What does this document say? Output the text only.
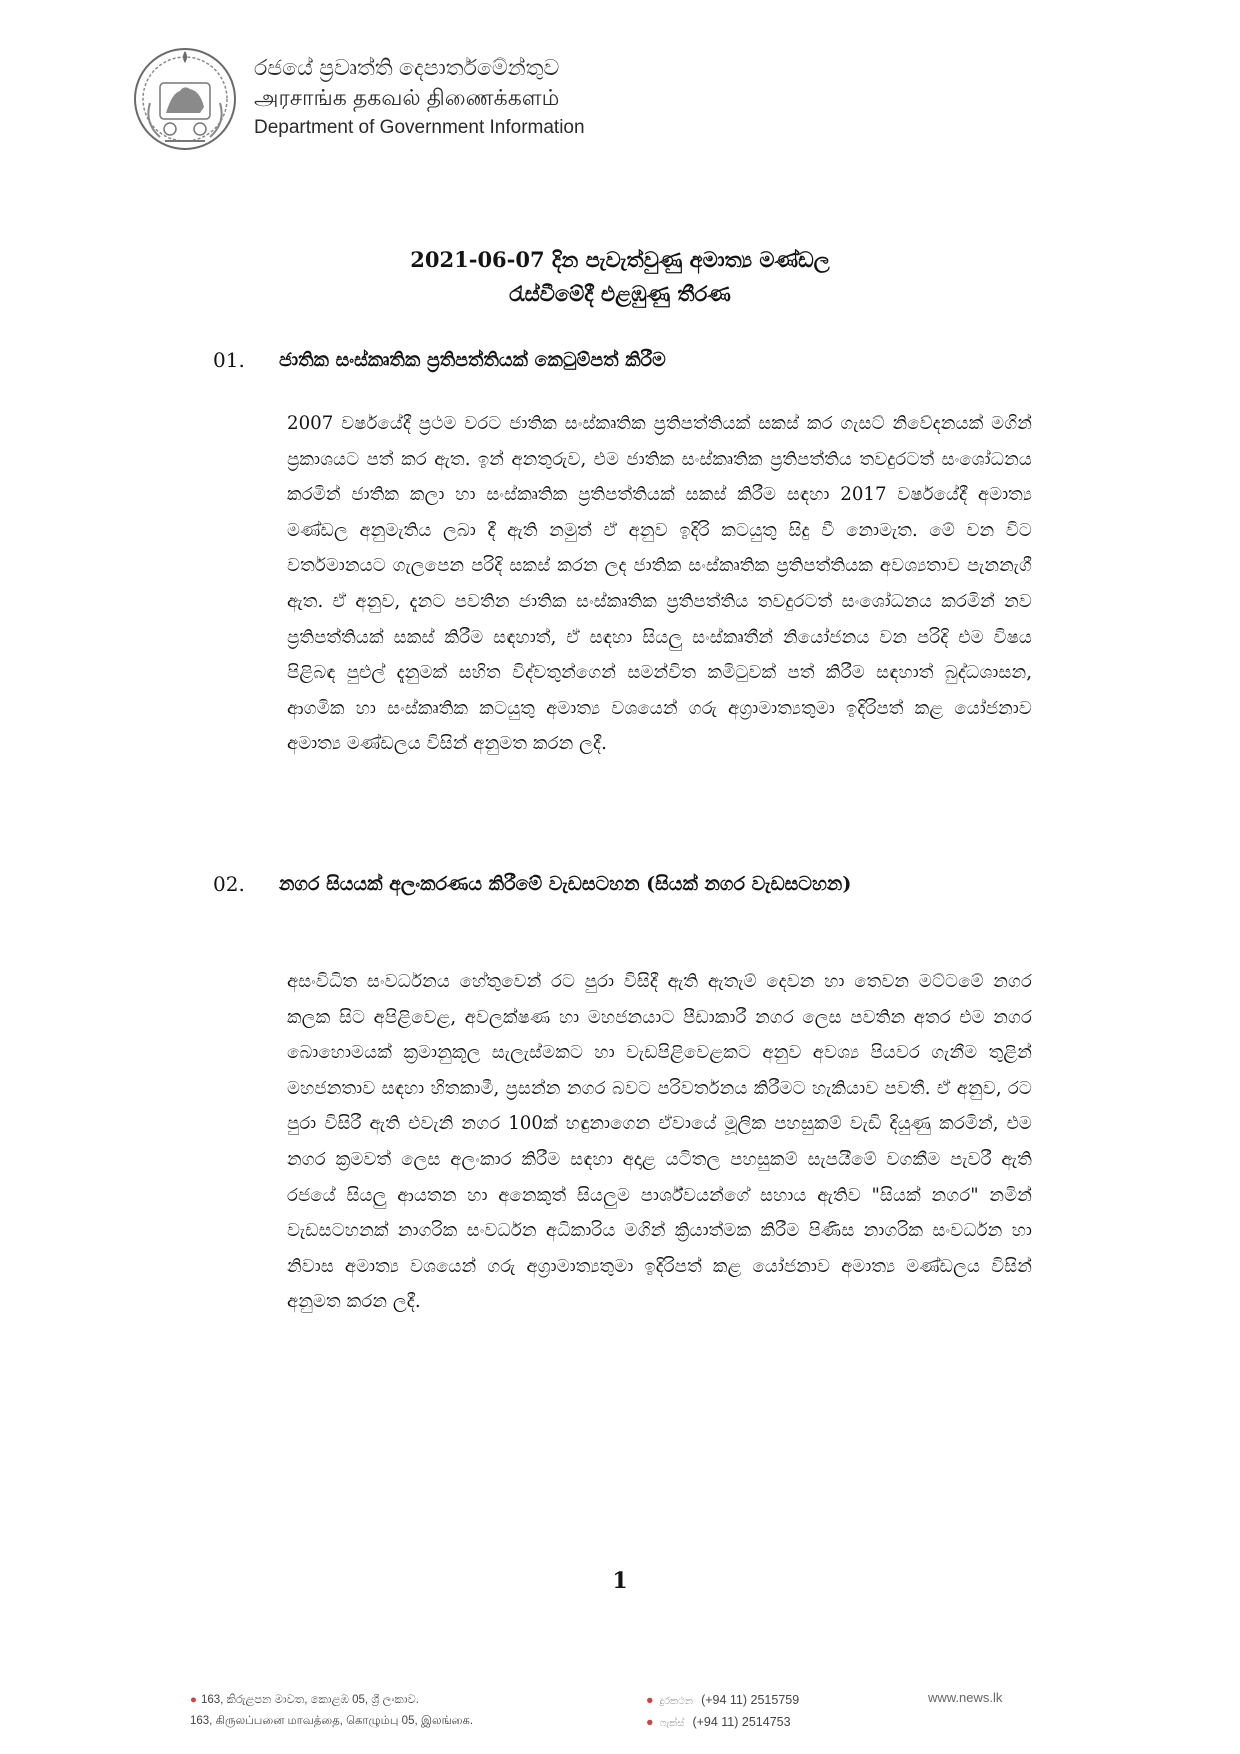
රජයේ ප්‍රවෘත්ති දෙපාර්තමේන්තුව
அரசாங்க தகவல் திணைக்களம்
Department of Government Information
2021-06-07 දින පැවැත්වුණු අමාත්‍ය මණ්ඩල
රැස්වීමේදී එළඹුණු තීරණ
01. ජාතික සංස්කෘතික ප්‍රතිපත්තියක් කෙටුම්පත් කිරීම
2007 වර්ෂයේදී ප්‍රථම වරට ජාතික සංස්කෘතික ප්‍රතිපත්තියක් සකස් කර ගැසට් නිවේදනයක් මගින් ප්‍රකාශයට පත් කර ඇත. ඉන් අනතුරුව, එම ජාතික සංස්කෘතික ප්‍රතිපත්තිය තවදුරටත් සංශෝධනය කරමින් ජාතික කලා හා සංස්කෘතික ප්‍රතිපත්තියක් සකස් කිරීම සඳහා 2017 වර්ෂයේදී අමාත්‍ය මණ්ඩල අනුමැතිය ලබා දී ඇති නමුත් ඒ අනුව ඉදිරි කටයුතු සිදු වී නොමැත. මේ වන විට වර්තමානයට ගැලපෙන පරිදි සකස් කරන ලද ජාතික සංස්කෘතික ප්‍රතිපත්තියක අවශ්‍යතාව පැනනැගී ඇත. ඒ අනුව, දැනට පවතින ජාතික සංස්කෘතික ප්‍රතිපත්තිය තවදුරටත් සංශෝධනය කරමින් නව ප්‍රතිපත්තියක් සකස් කිරීම සඳහාත්, ඒ සඳහා සියලු සංස්කෘතීන් නියෝජනය වන පරිදි එම විෂය පිළිබඳ පුළුල් දැනුමක් සහිත විද්වතුන්ගෙන් සමන්විත කමිටුවක් පත් කිරීම සඳහාත් බුද්ධශාසන, ආගමික හා සංස්කෘතික කටයුතු අමාත්‍ය වශයෙන් ගරු අග්‍රාමාත්‍යතුමා ඉදිරිපත් කළ යෝජනාව අමාත්‍ය මණ්ඩලය විසින් අනුමත කරන ලදී.
02. නගර සියයක් අලංකරණය කිරීමේ වැඩසටහන (සියක් නගර වැඩසටහන)
අසංවිධිත සංවර්ධනය හේතුවෙන් රට පුරා විසිදී ඇති ඇතැම් දෙවන හා තෙවන මට්ටමේ නගර කලක සිට අපිළිවෙළ, අවලක්ෂණ හා මහජනයාට පීඩාකාරී නගර ලෙස පවතින අතර එම නගර බොහොමයක් ක්‍රමානුකූල සැලැස්මකට හා වැඩපිළිවෙළකට අනුව අවශ්‍ය පියවර ගැනීම තුළින් මහජනතාව සඳහා හිතකාමී, ප්‍රසන්න නගර බවට පරිවර්තනය කිරීමට හැකියාව පවතී. ඒ අනුව, රට පුරා විසිරී ඇති එවැනි නගර 100ක් හඳුනාගෙන ඒවායේ මූලික පහසුකම් වැඩි දියුණු කරමින්, එම නගර ක්‍රමවත් ලෙස අලංකාර කිරීම සඳහා අදාළ යටිතල පහසුකම් සැපයීමේ වගකීම පැවරී ඇති රජයේ සියලු ආයතන හා අනෙකුත් සියලුම පාර්ශ්වයන්ගේ සහාය ඇතිව "සියක් නගර" නමින් වැඩසටහනක් නාගරික සංවර්ධන අධිකාරිය මගින් ක්‍රියාත්මක කිරීම පිණිස නාගරික සංවර්ධන හා නිවාස අමාත්‍ය වශයෙන් ගරු අග්‍රාමාත්‍යතුමා ඉදිරිපත් කළ යෝජනාව අමාත්‍ය මණ්ඩලය විසින් අනුමත කරන ලදී.
1
● 163, කිරුළපන මාවත, කොළඹ 05, ශ්‍රී ලංකාව.
163, கிருலப்பனை மாவத்தை, கொழும்பு 05, இலங்கை.
● දුරකථන (+94 11) 2515759
● ෆැක්ස් (+94 11) 2514753
www.news.lk
